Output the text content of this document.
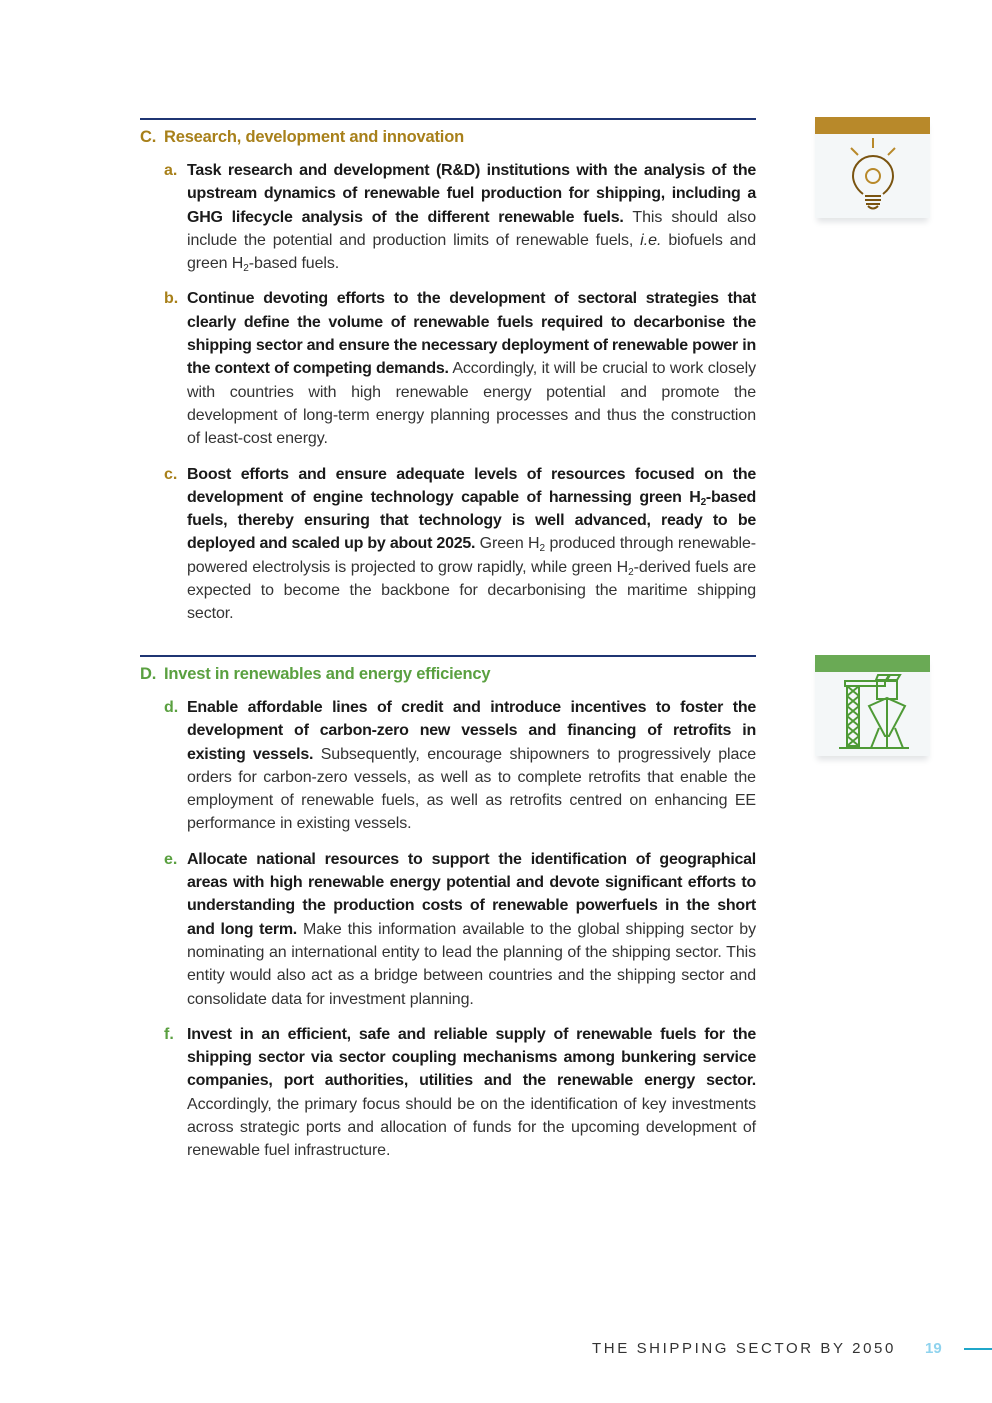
C. Research, development and innovation
a. Task research and development (R&D) institutions with the analysis of the upstream dynamics of renewable fuel production for shipping, including a GHG lifecycle analysis of the different renewable fuels. This should also include the potential and production limits of renewable fuels, i.e. biofuels and green $H_2$-based fuels.
b. Continue devoting efforts to the development of sectoral strategies that clearly define the volume of renewable fuels required to decarbonise the shipping sector and ensure the necessary deployment of renewable power in the context of competing demands. Accordingly, it will be crucial to work closely with countries with high renewable energy potential and promote the development of long-term energy planning processes and thus the construction of least-cost energy.
c. Boost efforts and ensure adequate levels of resources focused on the development of engine technology capable of harnessing green $H_2$-based fuels, thereby ensuring that technology is well advanced, ready to be deployed and scaled up by about 2025. Green $H_2$ produced through renewable-powered electrolysis is projected to grow rapidly, while green $H_2$-derived fuels are expected to become the backbone for decarbonising the maritime shipping sector.
D. Invest in renewables and energy efficiency
d. Enable affordable lines of credit and introduce incentives to foster the development of carbon-zero new vessels and financing of retrofits in existing vessels. Subsequently, encourage shipowners to progressively place orders for carbon-zero vessels, as well as to complete retrofits that enable the employment of renewable fuels, as well as retrofits centred on enhancing EE performance in existing vessels.
e. Allocate national resources to support the identification of geographical areas with high renewable energy potential and devote significant efforts to understanding the production costs of renewable powerfuels in the short and long term. Make this information available to the global shipping sector by nominating an international entity to lead the planning of the shipping sector. This entity would also act as a bridge between countries and the shipping sector and consolidate data for investment planning.
f. Invest in an efficient, safe and reliable supply of renewable fuels for the shipping sector via sector coupling mechanisms among bunkering service companies, port authorities, utilities and the renewable energy sector. Accordingly, the primary focus should be on the identification of key investments across strategic ports and allocation of funds for the upcoming development of renewable fuel infrastructure.
THE SHIPPING SECTOR BY 2050 19
